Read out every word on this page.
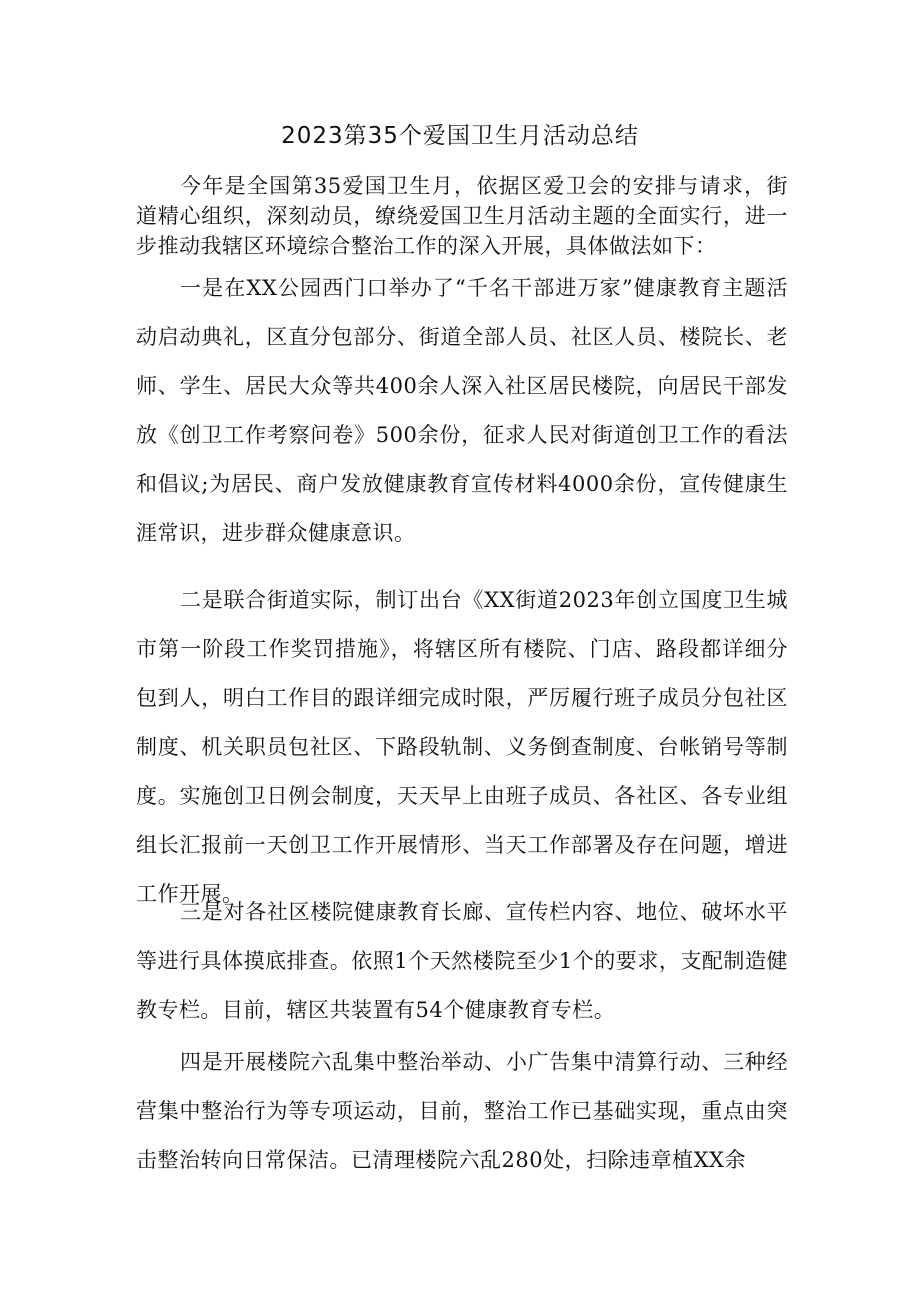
2023第35个爱国卫生月活动总结

今年是全国第35爱国卫生月，依据区爱卫会的安排与请求，街道精心组织，深刻动员，缭绕爱国卫生月活动主题的全面实行，进一步推动我辖区环境综合整治工作的深入开展，具体做法如下：

一是在XX公园西门口举办了“千名干部进万家”健康教育主题活动启动典礼，区直分包部分、街道全部人员、社区人员、楼院长、老师、学生、居民大众等共400余人深入社区居民楼院，向居民干部发放《创卫工作考察问卷》500余份，征求人民对街道创卫工作的看法和倡议;为居民、商户发放健康教育宣传材料4000余份，宣传健康生涯常识，进步群众健康意识。

二是联合街道实际，制订出台《XX街道2023年创立国度卫生城市第一阶段工作奖罚措施》，将辖区所有楼院、门店、路段都详细分包到人，明白工作目的跟详细完成时限，严厉履行班子成员分包社区制度、机关职员包社区、下路段轨制、义务倒查制度、台帐销号等制度。实施创卫日例会制度，天天早上由班子成员、各社区、各专业组组长汇报前一天创卫工作开展情形、当天工作部署及存在问题，增进工作开展。

三是对各社区楼院健康教育长廊、宣传栏内容、地位、破坏水平等进行具体摸底排查。依照1个天然楼院至少1个的要求，支配制造健教专栏。目前，辖区共装置有54个健康教育专栏。

四是开展楼院六乱集中整治举动、小广告集中清算行动、三种经营集中整治行为等专项运动，目前，整治工作已基础实现，重点由突击整治转向日常保洁。已清理楼院六乱280处，扫除违章植XX余
